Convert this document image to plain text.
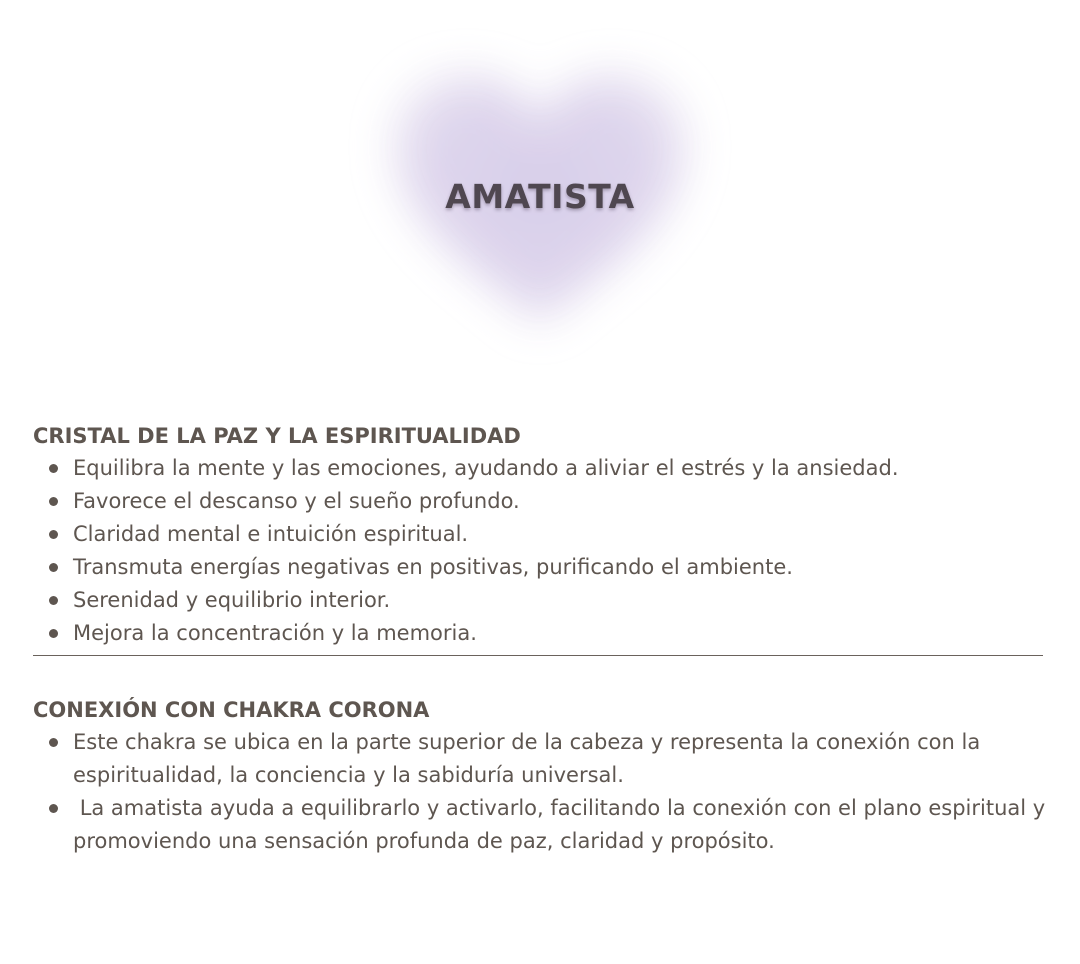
AMATISTA
CRISTAL DE LA PAZ Y LA ESPIRITUALIDAD
Equilibra la mente y las emociones, ayudando a aliviar el estrés y la ansiedad.
Favorece el descanso y el sueño profundo.
Claridad mental e intuición espiritual.
Transmuta energías negativas en positivas, purificando el ambiente.
Serenidad y equilibrio interior.
Mejora la concentración y la memoria.
CONEXIÓN CON CHAKRA CORONA
Este chakra se ubica en la parte superior de la cabeza y representa la conexión con la espiritualidad, la conciencia y la sabiduría universal.
La amatista ayuda a equilibrarlo y activarlo, facilitando la conexión con el plano espiritual y promoviendo una sensación profunda de paz, claridad y propósito.
